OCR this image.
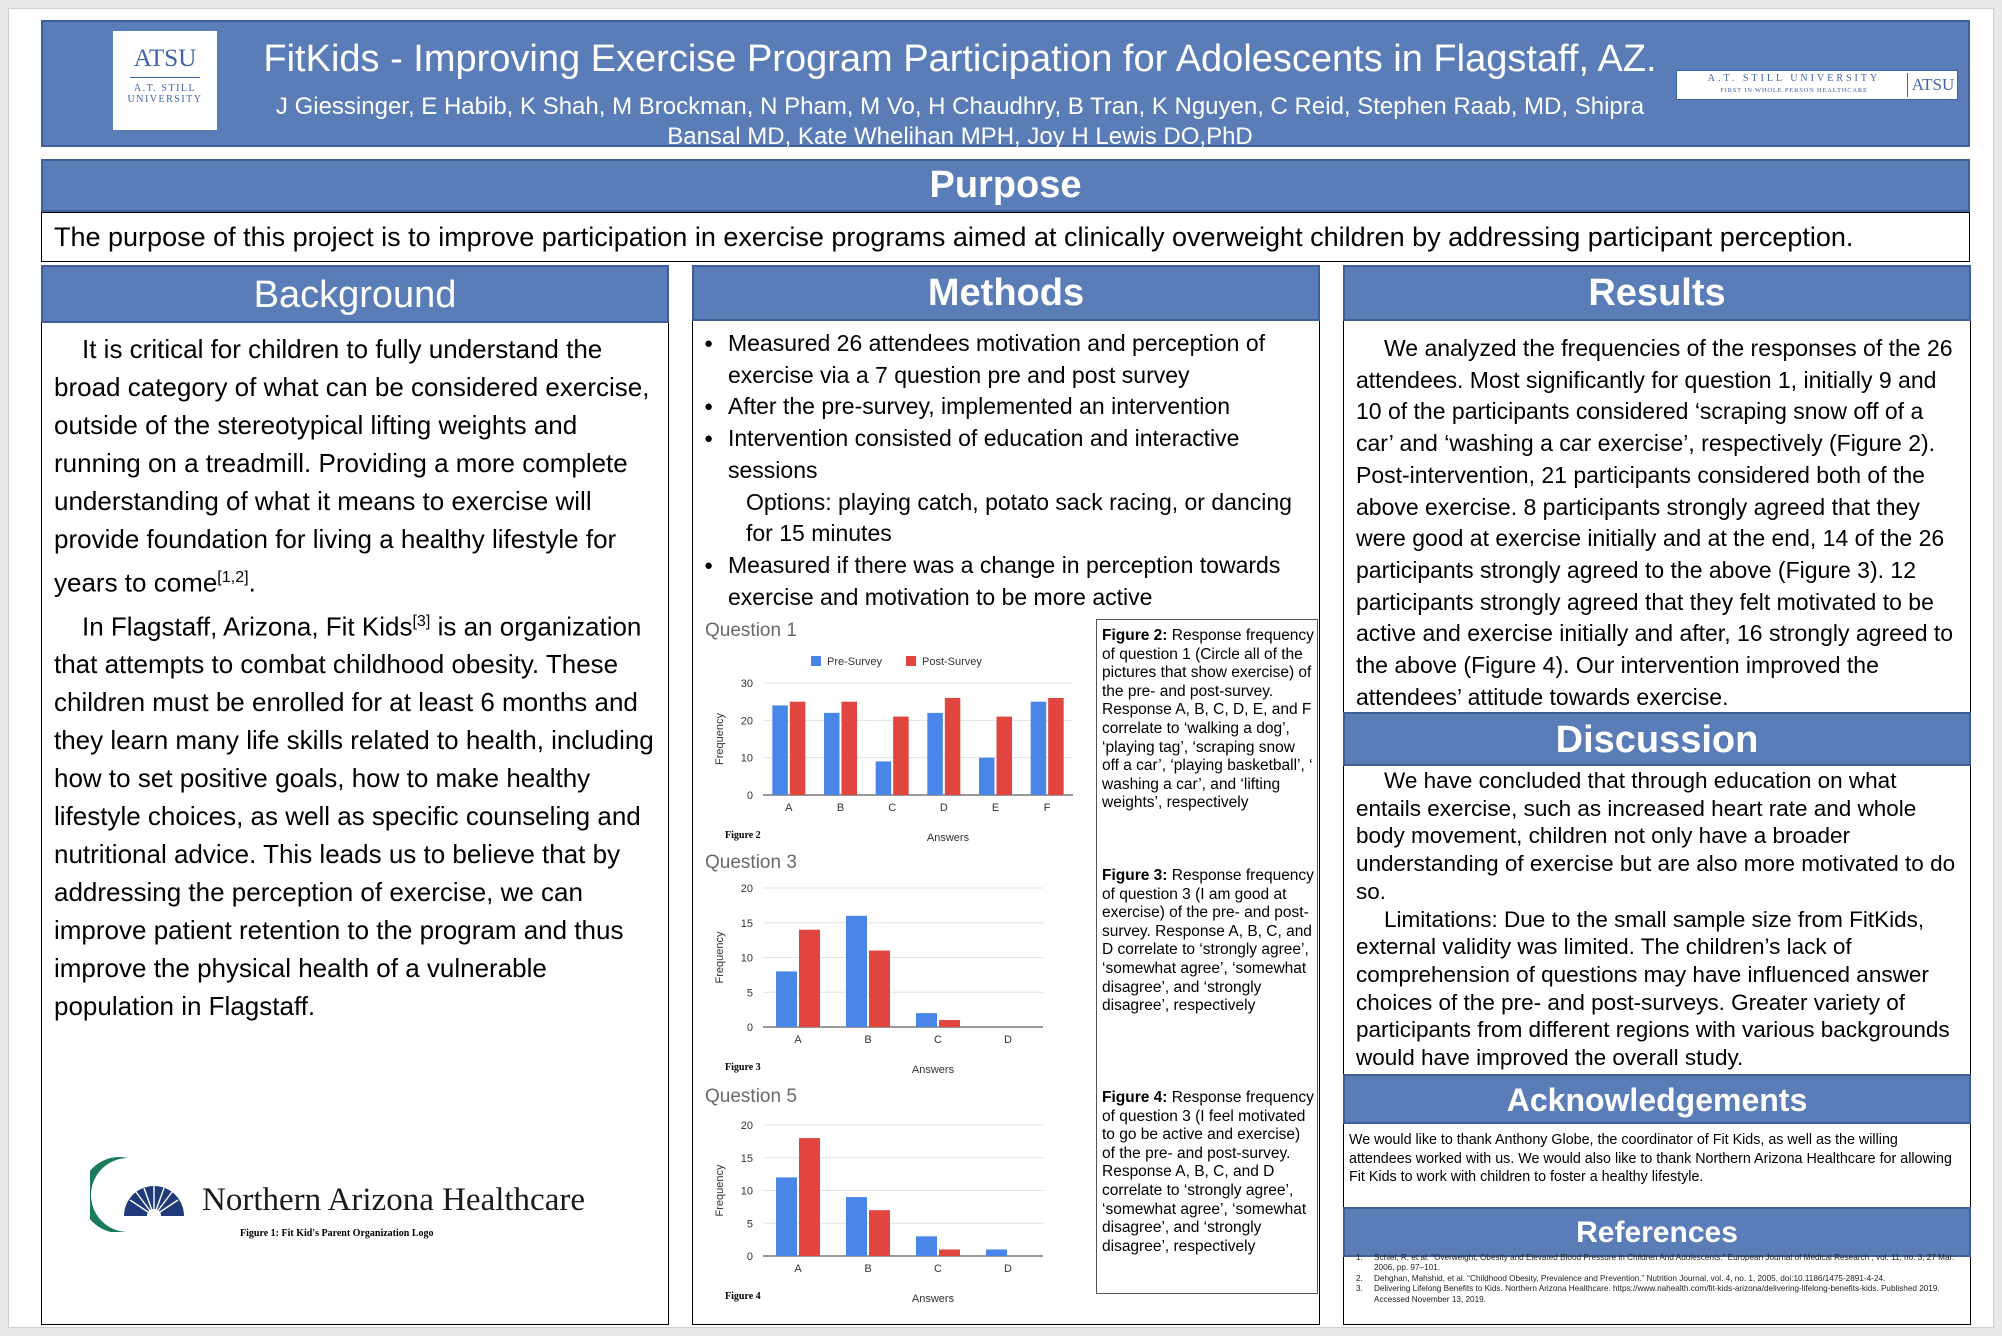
ATSU
A.T. STILL
UNIVERSITY
FitKids - Improving Exercise Program Participation for Adolescents in Flagstaff, AZ.
J Giessinger, E Habib, K Shah, M Brockman, N Pham, M Vo, H Chaudhry, B Tran, K Nguyen, C Reid, Stephen Raab, MD, Shipra
Bansal MD, Kate Whelihan MPH, Joy H Lewis DO,PhD
A.T. STILL UNIVERSITY
FIRST IN WHOLE PERSON HEALTHCARE	ATSU
Purpose
The purpose of this project is to improve participation in exercise programs aimed at clinically overweight children by addressing participant perception.
Background
It is critical for children to fully understand the broad category of what can be considered exercise, outside of the stereotypical lifting weights and running on a treadmill. Providing a more complete understanding of what it means to exercise will provide foundation for living a healthy lifestyle for years to come[1,2].
In Flagstaff, Arizona, Fit Kids[3] is an organization that attempts to combat childhood obesity. These children must be enrolled for at least 6 months and they learn many life skills related to health, including how to set positive goals, how to make healthy lifestyle choices, as well as specific counseling and nutritional advice. This leads us to believe that by addressing the perception of exercise, we can improve patient retention to the program and thus improve the physical health of a vulnerable population in Flagstaff.
Northern Arizona Healthcare
Figure 1: Fit Kid's Parent Organization Logo
Methods
● Measured 26 attendees motivation and perception of exercise via a 7 question pre and post survey
● After the pre-survey, implemented an intervention
● Intervention consisted of education and interactive sessions
Options: playing catch, potato sack racing, or dancing for 15 minutes
● Measured if there was a change in perception towards exercise and motivation to be more active
Question 1
0
10
20
30
A	B	C	D	E	F
Frequency
Answers
Figure 2
Pre-Survey	Post-Survey
Question 3
0
5
10
15
20
A	B	C	D
Frequency
Answers
Figure 3
Question 5
0
5
10
15
20
A	B	C	D
Frequency
Answers
Figure 4
Figure 2: Response frequency of question 1 (Circle all of the pictures that show exercise) of the pre- and post-survey. Response A, B, C, D, E, and F correlate to ‘walking a dog’, ‘playing tag’, ‘scraping snow off a car’, ‘playing basketball’, ‘ washing a car’, and ‘lifting weights’, respectively
Figure 3: Response frequency of question 3 (I am good at exercise) of the pre- and post-survey. Response A, B, C, and D correlate to ‘strongly agree’, ‘somewhat agree’, ‘somewhat disagree’, and ‘strongly disagree’, respectively
Figure 4: Response frequency of question 3 (I feel motivated to go be active and exercise) of the pre- and post-survey. Response A, B, C, and D correlate to ‘strongly agree’, ‘somewhat agree’, ‘somewhat disagree’, and ‘strongly disagree’, respectively
Results
We analyzed the frequencies of the responses of the 26 attendees. Most significantly for question 1, initially 9 and 10 of the participants considered ‘scraping snow off of a car’ and ‘washing a car exercise’, respectively (Figure 2). Post-intervention, 21 participants considered both of the above exercise. 8 participants strongly agreed that they were good at exercise initially and at the end, 14 of the 26 participants strongly agreed to the above (Figure 3). 12 participants strongly agreed that they felt motivated to be active and exercise initially and after, 16 strongly agreed to the above (Figure 4). Our intervention improved the attendees’ attitude towards exercise.
Discussion
We have concluded that through education on what entails exercise, such as increased heart rate and whole body movement, children not only have a broader understanding of exercise but are also more motivated to do so.
Limitations: Due to the small sample size from FitKids, external validity was limited. The children’s lack of comprehension of questions may have influenced answer choices of the pre- and post-surveys. Greater variety of participants from different regions with various backgrounds would have improved the overall study.
Acknowledgements
We would like to thank Anthony Globe, the coordinator of Fit Kids, as well as the willing attendees worked with us. We would also like to thank Northern Arizona Healthcare for allowing Fit Kids to work with children to foster a healthy lifestyle.
References
1. Schiel, R, et al. “Overweight, Obesity and Elevated Blood Pressure in Children And Adolescents.” European Journal of Medical Research , vol. 11, no. 3, 27 Mar. 2006, pp. 97–101.
2. Dehghan, Mahshid, et al. “Childhood Obesity, Prevalence and Prevention.” Nutrition Journal, vol. 4, no. 1, 2005, doi:10.1186/1475-2891-4-24.
3. Delivering Lifelong Benefits to Kids. Northern Arizona Healthcare. https://www.nahealth.com/fit-kids-arizona/delivering-lifelong-benefits-kids. Published 2019. Accessed November 13, 2019.
